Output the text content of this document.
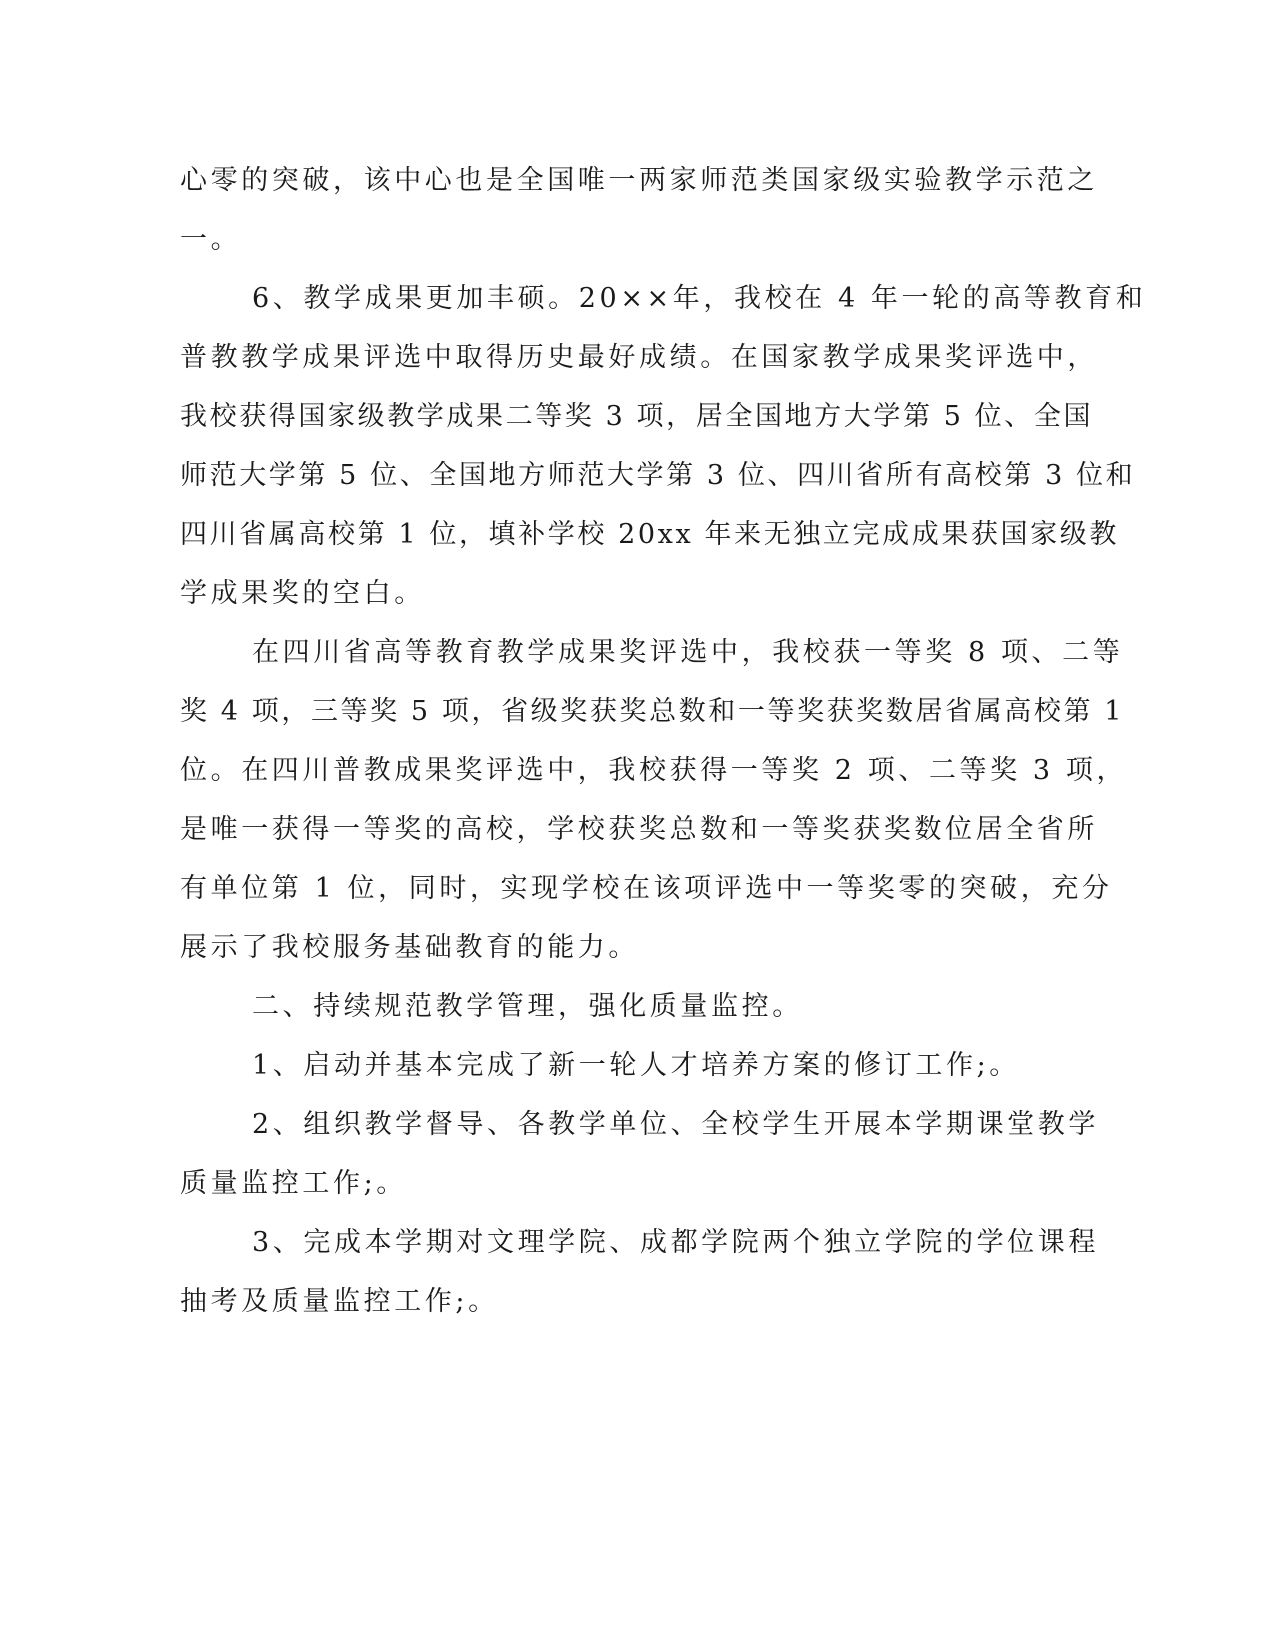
心零的突破，该中心也是全国唯一两家师范类国家级实验教学示范之
一。
6、教学成果更加丰硕。20××年，我校在 4 年一轮的高等教育和
普教教学成果评选中取得历史最好成绩。在国家教学成果奖评选中，
我校获得国家级教学成果二等奖 3 项，居全国地方大学第 5 位、全国
师范大学第 5 位、全国地方师范大学第 3 位、四川省所有高校第 3 位和
四川省属高校第 1 位，填补学校 20xx 年来无独立完成成果获国家级教
学成果奖的空白。
在四川省高等教育教学成果奖评选中，我校获一等奖 8 项、二等
奖 4 项，三等奖 5 项，省级奖获奖总数和一等奖获奖数居省属高校第 1
位。在四川普教成果奖评选中，我校获得一等奖 2 项、二等奖 3 项，
是唯一获得一等奖的高校，学校获奖总数和一等奖获奖数位居全省所
有单位第 1 位，同时，实现学校在该项评选中一等奖零的突破，充分
展示了我校服务基础教育的能力。
二、持续规范教学管理，强化质量监控。
1、启动并基本完成了新一轮人才培养方案的修订工作;。
2、组织教学督导、各教学单位、全校学生开展本学期课堂教学
质量监控工作;。
3、完成本学期对文理学院、成都学院两个独立学院的学位课程
抽考及质量监控工作;。
